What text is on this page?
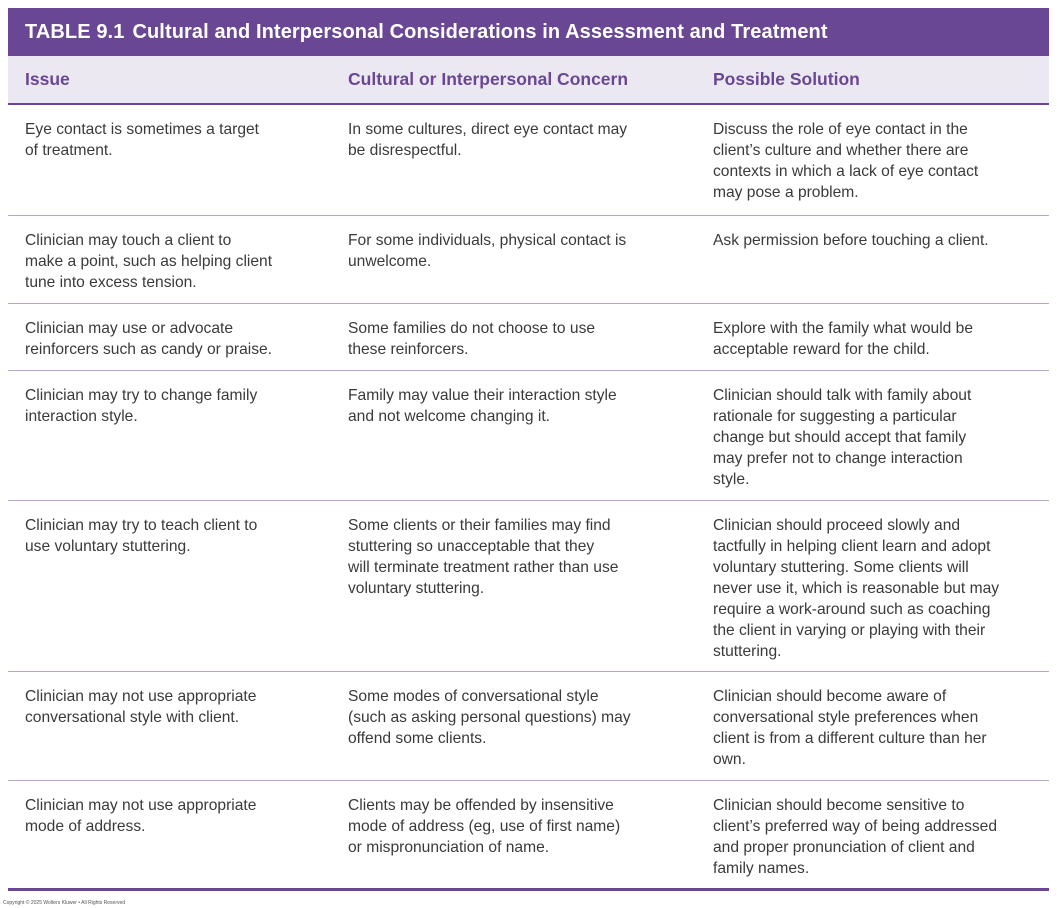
TABLE 9.1 Cultural and Interpersonal Considerations in Assessment and Treatment
Issue	Cultural or Interpersonal Concern	Possible Solution
Eye contact is sometimes a target
of treatment.
In some cultures, direct eye contact may
be disrespectful.
Discuss the role of eye contact in the
client’s culture and whether there are
contexts in which a lack of eye contact
may pose a problem.
Clinician may touch a client to
make a point, such as helping client
tune into excess tension.
For some individuals, physical contact is
unwelcome.
Ask permission before touching a client.
Clinician may use or advocate
reinforcers such as candy or praise.
Some families do not choose to use
these reinforcers.
Explore with the family what would be
acceptable reward for the child.
Clinician may try to change family
interaction style.
Family may value their interaction style
and not welcome changing it.
Clinician should talk with family about
rationale for suggesting a particular
change but should accept that family
may prefer not to change interaction
style.
Clinician may try to teach client to
use voluntary stuttering.
Some clients or their families may find
stuttering so unacceptable that they
will terminate treatment rather than use
voluntary stuttering.
Clinician should proceed slowly and
tactfully in helping client learn and adopt
voluntary stuttering. Some clients will
never use it, which is reasonable but may
require a work-around such as coaching
the client in varying or playing with their
stuttering.
Clinician may not use appropriate
conversational style with client.
Some modes of conversational style
(such as asking personal questions) may
offend some clients.
Clinician should become aware of
conversational style preferences when
client is from a different culture than her
own.
Clinician may not use appropriate
mode of address.
Clients may be offended by insensitive
mode of address (eg, use of first name)
or mispronunciation of name.
Clinician should become sensitive to
client’s preferred way of being addressed
and proper pronunciation of client and
family names.
Copyright © 2025 Wolters Kluwer • All Rights Reserved
